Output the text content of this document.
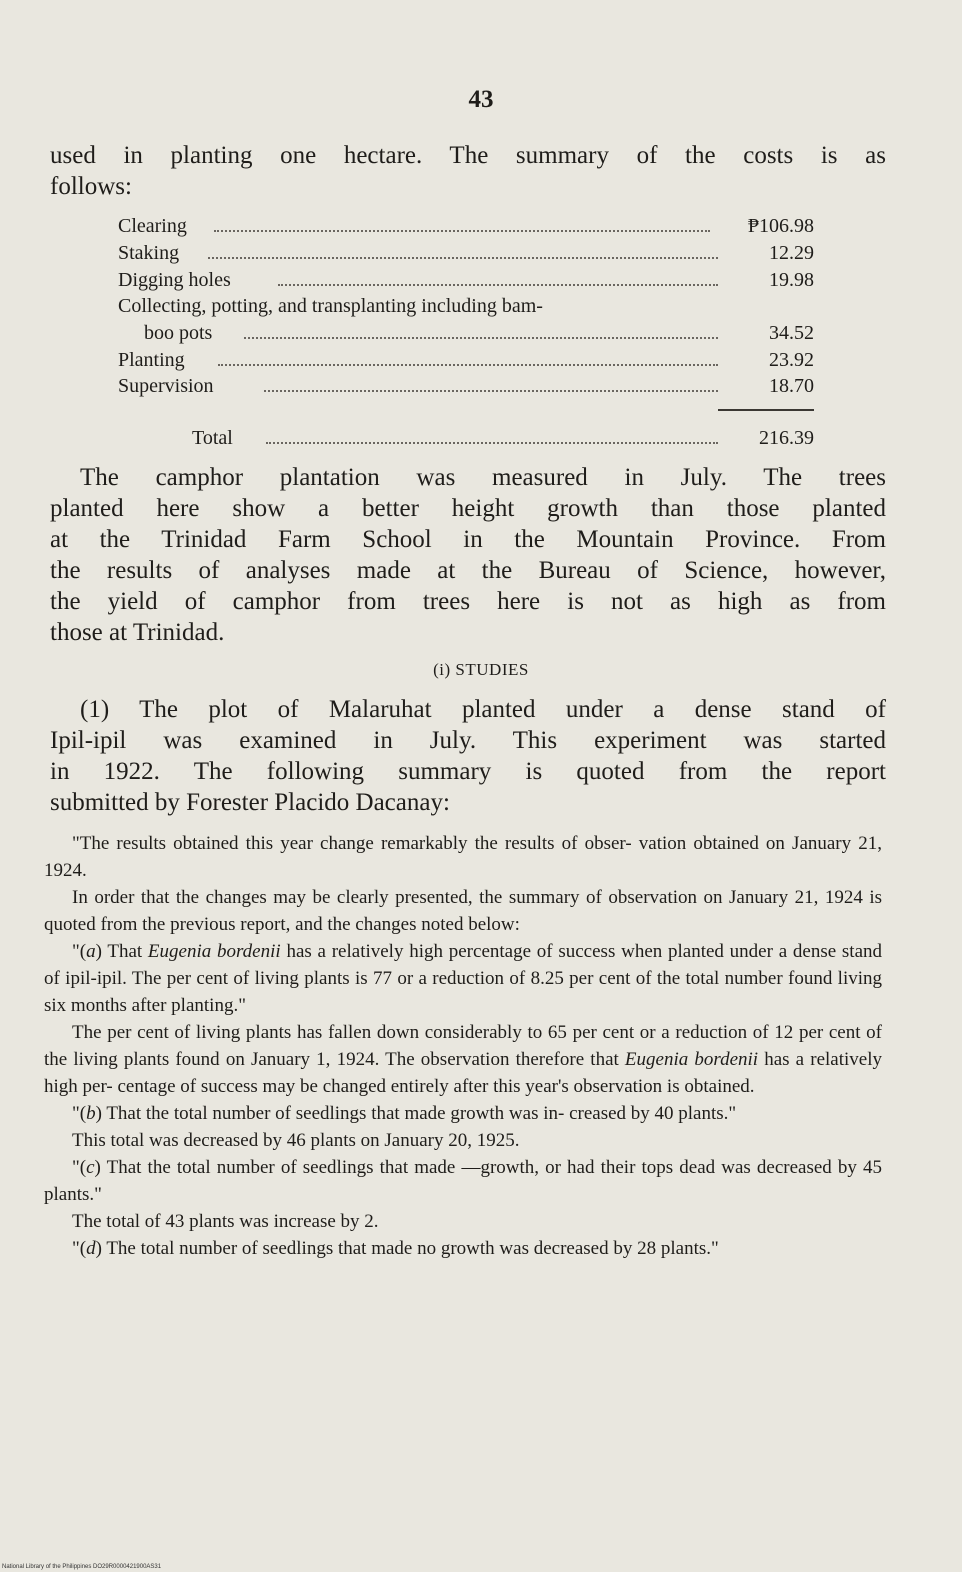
43
used in planting one hectare. The summary of the costs is as
follows:
Clearing	₱106.98
Staking	12.29
Digging holes	19.98
Collecting, potting, and transplanting including bam-
boo pots	34.52
Planting	23.92
Supervision	18.70
Total	216.39
The camphor plantation was measured in July. The trees
planted here show a better height growth than those planted
at the Trinidad Farm School in the Mountain Province. From
the results of analyses made at the Bureau of Science, however,
the yield of camphor from trees here is not as high as from
those at Trinidad.
(i) STUDIES
(1) The plot of Malaruhat planted under a dense stand of
Ipil-ipil was examined in July. This experiment was started
in 1922. The following summary is quoted from the report
submitted by Forester Placido Dacanay:
"The results obtained this year change remarkably the results of obser- vation obtained on January 21, 1924.
In order that the changes may be clearly presented, the summary of observation on January 21, 1924 is quoted from the previous report, and the changes noted below:
"(a) That Eugenia bordenii has a relatively high percentage of success when planted under a dense stand of ipil-ipil. The per cent of living plants is 77 or a reduction of 8.25 per cent of the total number found living six months after planting."
The per cent of living plants has fallen down considerably to 65 per cent or a reduction of 12 per cent of the living plants found on January 1, 1924. The observation therefore that Eugenia bordenii has a relatively high per- centage of success may be changed entirely after this year's observation is obtained.
"(b) That the total number of seedlings that made growth was in- creased by 40 plants."
This total was decreased by 46 plants on January 20, 1925.
"(c) That the total number of seedlings that made —growth, or had their tops dead was decreased by 45 plants."
The total of 43 plants was increase by 2.
"(d) The total number of seedlings that made no growth was decreased by 28 plants."
National Library of the Philippines DO29R0000421900AS31
